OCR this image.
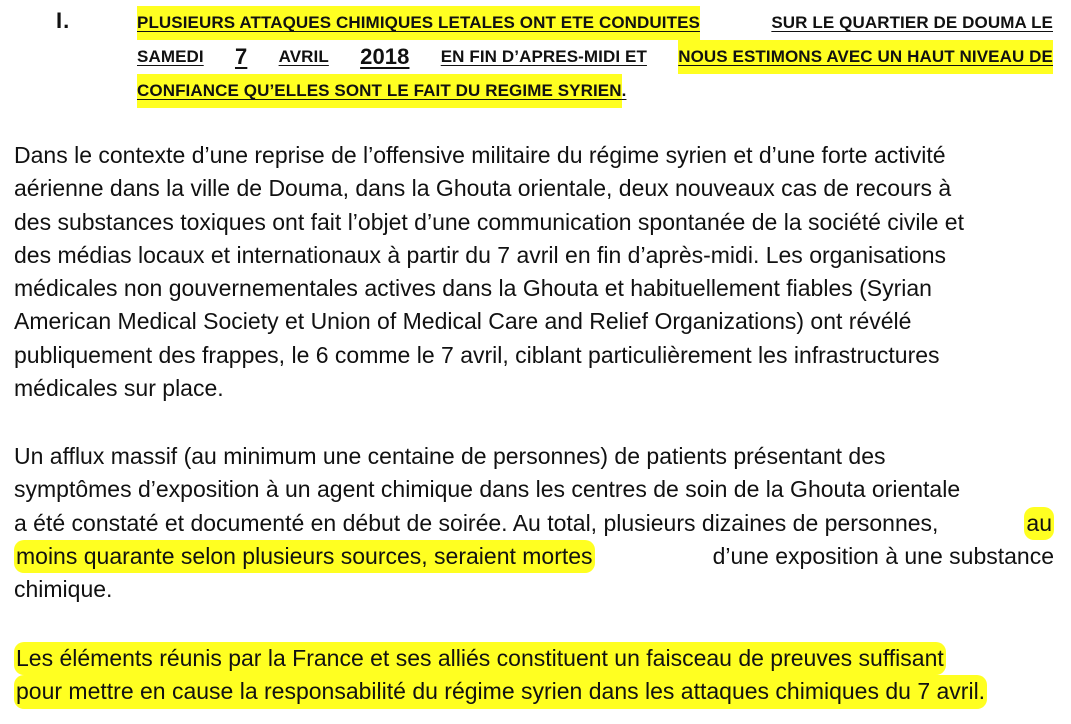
I.	PLUSIEURS ATTAQUES CHIMIQUES LETALES ONT ETE CONDUITES	SUR LE QUARTIER DE DOUMA LE
SAMEDI 7 AVRIL 2018 EN FIN D’APRES-MIDI ET NOUS ESTIMONS AVEC UN HAUT NIVEAU DE
CONFIANCE QU’ELLES SONT LE FAIT DU REGIME SYRIEN .
Dans le contexte d’une reprise de l’offensive militaire du régime syrien et d’une forte activité
aérienne dans la ville de Douma, dans la Ghouta orientale, deux nouveaux cas de recours à
des substances toxiques ont fait l’objet d’une communication spontanée de la société civile et
des médias locaux et internationaux à partir du 7 avril en fin d’après-midi. Les organisations
médicales non gouvernementales actives dans la Ghouta et habituellement fiables (Syrian
American Medical Society et Union of Medical Care and Relief Organizations) ont révélé
publiquement des frappes, le 6 comme le 7 avril, ciblant particulièrement les infrastructures
médicales sur place.
Un afflux massif (au minimum une centaine de personnes) de patients présentant des
symptômes d’exposition à un agent chimique dans les centres de soin de la Ghouta orientale
a été constaté et documenté en début de soirée. Au total, plusieurs dizaines de personnes,	au
moins quarante selon plusieurs sources, seraient mortes	d’une exposition à une substance
chimique.
Les éléments réunis par la France et ses alliés constituent un faisceau de preuves suffisant
pour mettre en cause la responsabilité du régime syrien dans les attaques chimiques du 7 avril.
